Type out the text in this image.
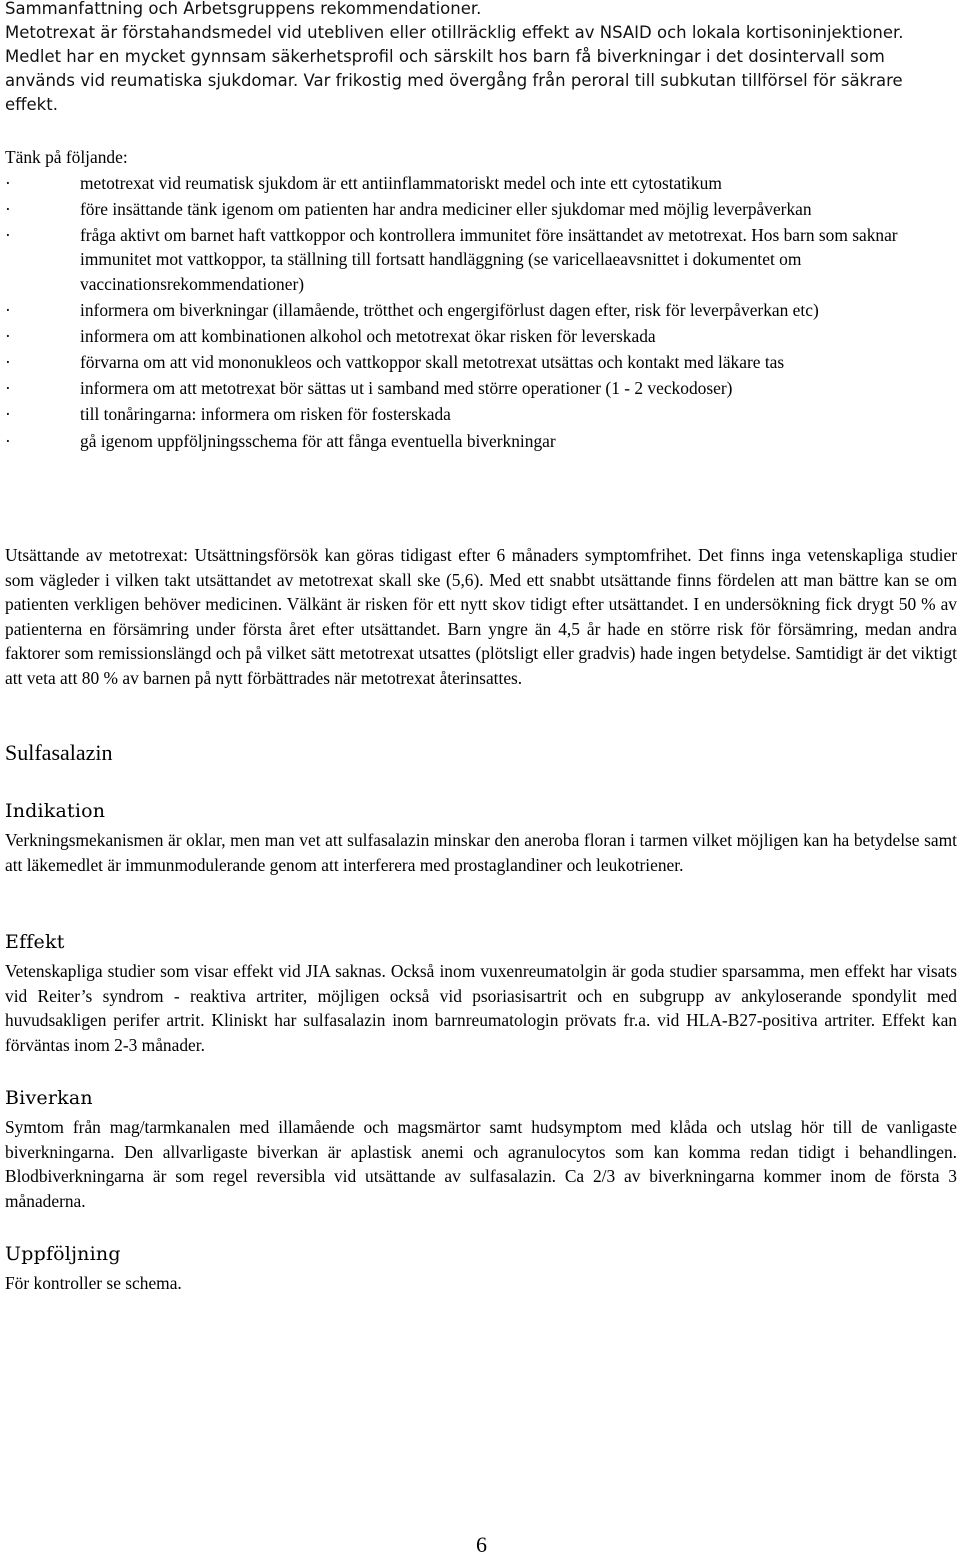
Sammanfattning och Arbetsgruppens rekommendationer.

Metotrexat är förstahandsmedel vid utebliven eller otillräcklig effekt av NSAID och lokala kortisoninjektioner. Medlet har en mycket gynnsam säkerhetsprofil och särskilt hos barn få biverkningar i det dosintervall som används vid reumatiska sjukdomar. Var frikostig med övergång från peroral till subkutan tillförsel för säkrare effekt.

Tänk på följande:

·	metotrexat vid reumatisk sjukdom är ett antiinflammatoriskt medel och inte ett cytostatikum
·	före insättande tänk igenom om patienten har andra mediciner eller sjukdomar med möjlig leverpåverkan
·	fråga aktivt om barnet haft vattkoppor och kontrollera immunitet före insättandet av metotrexat. Hos barn som saknar immunitet mot vattkoppor, ta ställning till fortsatt handläggning (se varicellaeavsnittet i dokumentet om vaccinationsrekommendationer)
·	informera om biverkningar (illamående, trötthet och engergiförlust dagen efter, risk för leverpåverkan etc)
·	informera om att kombinationen alkohol och metotrexat ökar risken för leverskada
·	förvarna om att vid mononukleos och vattkoppor skall metotrexat utsättas och kontakt med läkare tas
·	informera om att metotrexat bör sättas ut i samband med större operationer (1 - 2 veckodoser)
·	till tonåringarna: informera om risken för fosterskada
·	gå igenom uppföljningsschema för att fånga eventuella biverkningar

Utsättande av metotrexat: Utsättningsförsök kan göras tidigast efter 6 månaders symptomfrihet. Det finns inga vetenskapliga studier som vägleder i vilken takt utsättandet av metotrexat skall ske (5,6). Med ett snabbt utsättande finns fördelen att man bättre kan se om patienten verkligen behöver medicinen. Välkänt är risken för ett nytt skov tidigt efter utsättandet. I en undersökning fick drygt 50 % av patienterna en försämring under första året efter utsättandet. Barn yngre än 4,5 år hade en större risk för försämring, medan andra faktorer som remissionslängd och på vilket sätt metotrexat utsattes (plötsligt eller gradvis) hade ingen betydelse. Samtidigt är det viktigt att veta att 80 % av barnen på nytt förbättrades när metotrexat återinsattes.

Sulfasalazin
Indikation

Verkningsmekanismen är oklar, men man vet att sulfasalazin minskar den aneroba floran i tarmen vilket möjligen kan ha betydelse samt att läkemedlet är immunmodulerande genom att interferera med prostaglandiner och leukotriener.

Effekt

Vetenskapliga studier som visar effekt vid JIA saknas. Också inom vuxenreumatolgin är goda studier sparsamma, men effekt har visats vid Reiter’s syndrom - reaktiva artriter, möjligen också vid psoriasisartrit och en subgrupp av ankyloserande spondylit med huvudsakligen perifer artrit. Kliniskt har sulfasalazin inom barnreumatologin prövats fr.a. vid HLA-B27-positiva artriter. Effekt kan förväntas inom 2-3 månader.

Biverkan

Symtom från mag/tarmkanalen med illamående och magsmärtor samt hudsymptom med klåda och utslag hör till de vanligaste biverkningarna. Den allvarligaste biverkan är aplastisk anemi och agranulocytos som kan komma redan tidigt i behandlingen. Blodbiverkningarna är som regel reversibla vid utsättande av sulfasalazin. Ca 2/3 av biverkningarna kommer inom de första 3 månaderna.

Uppföljning

För kontroller se schema.

6
